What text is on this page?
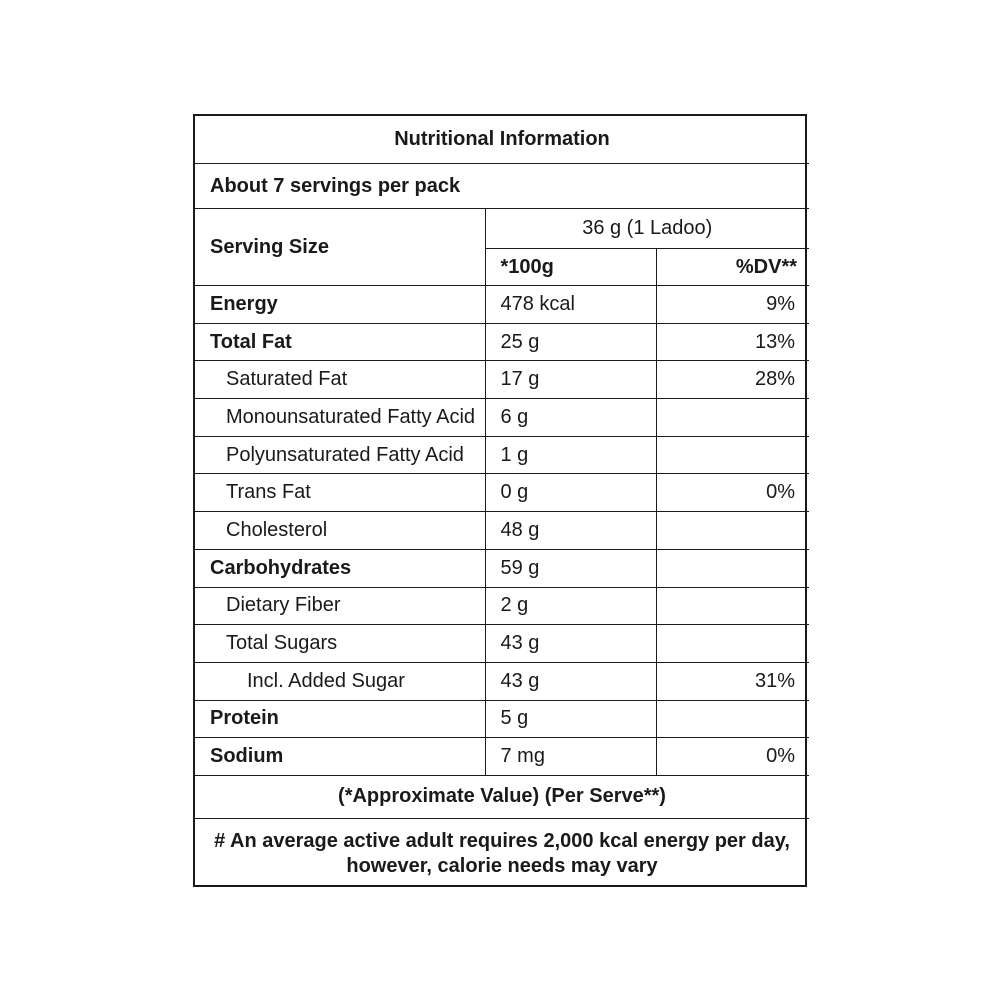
Nutritional Information		
About 7 servings per pack		
Serving Size	36 g (1 Ladoo)	
	*100g	%DV**
Energy	478 kcal	9%
Total Fat	25 g	13%
Saturated Fat	17 g	28%
Monounsaturated Fatty Acid	6 g	
Polyunsaturated Fatty Acid	1 g	
Trans Fat	0 g	0%
Cholesterol	48 g	
Carbohydrates	59 g	
Dietary Fiber	2 g	
Total Sugars	43 g	
Incl. Added Sugar	43 g	31%
Protein	5 g	
Sodium	7 mg	0%
(*Approximate Value) (Per Serve**)		

# An average active adult requires 2,000 kcal energy per day,
however, calorie needs may vary		
